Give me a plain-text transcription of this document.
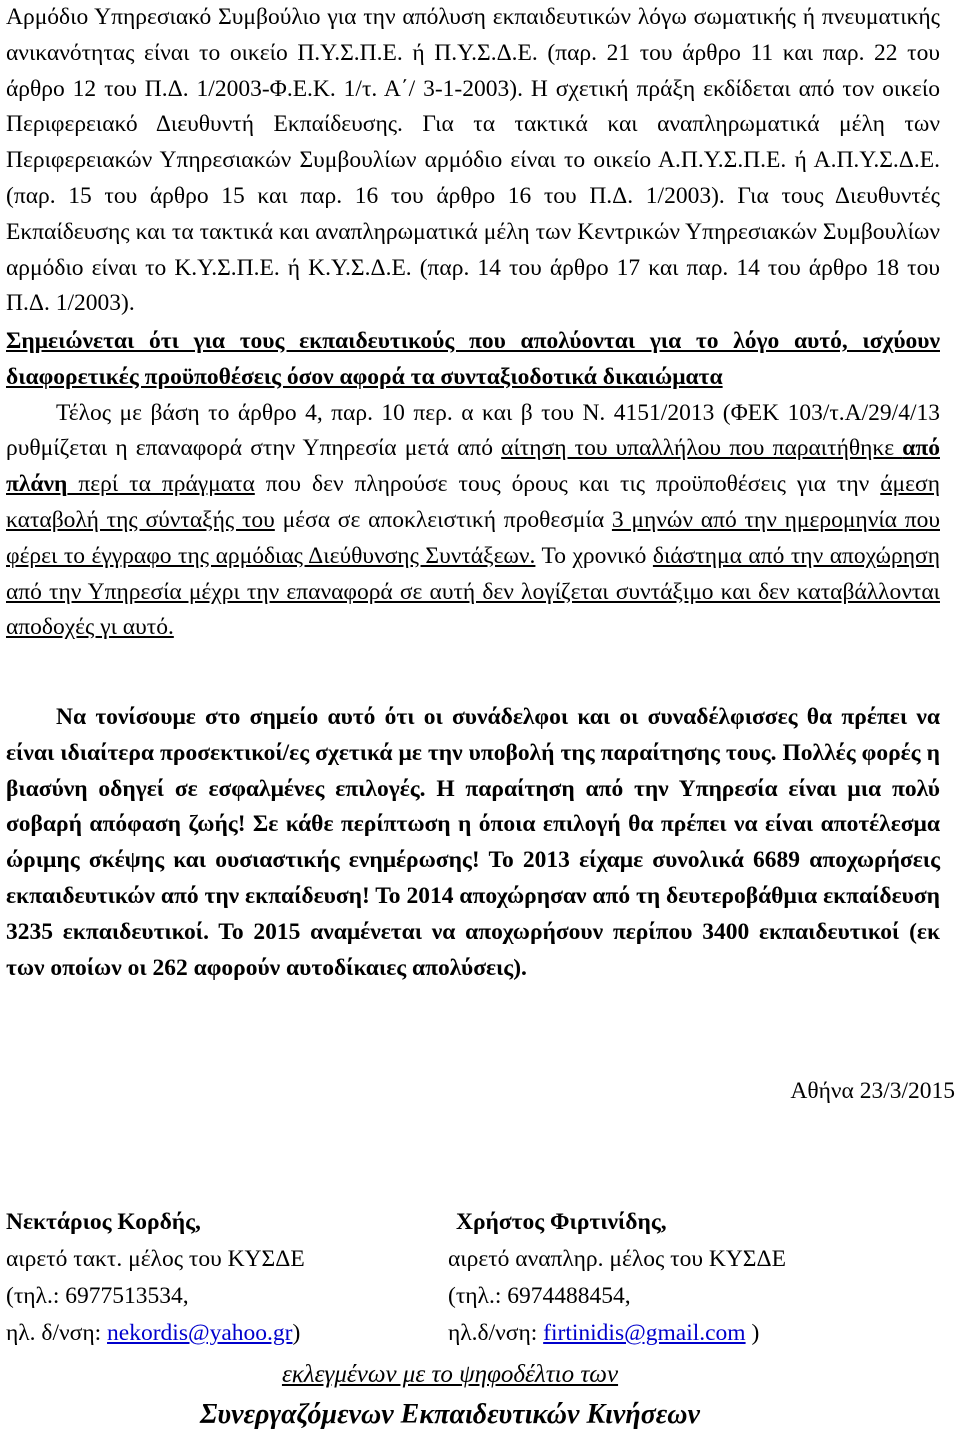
Αρμόδιο Υπηρεσιακό Συμβούλιο για την απόλυση εκπαιδευτικών λόγω σωματικής ή πνευματικής ανικανότητας είναι το οικείο Π.Υ.Σ.Π.Ε. ή Π.Υ.Σ.Δ.Ε. (παρ. 21 του άρθρο 11 και παρ. 22 του άρθρο 12 του Π.Δ. 1/2003-Φ.Ε.Κ. 1/τ. Α΄/ 3-1-2003). Η σχετική πράξη εκδίδεται από τον οικείο Περιφερειακό Διευθυντή Εκπαίδευσης. Για τα τακτικά και αναπληρωματικά μέλη των Περιφερειακών Υπηρεσιακών Συμβουλίων αρμόδιο είναι το οικείο Α.Π.Υ.Σ.Π.Ε. ή Α.Π.Υ.Σ.Δ.Ε. (παρ. 15 του άρθρο 15 και παρ. 16 του άρθρο 16 του Π.Δ. 1/2003). Για τους Διευθυντές Εκπαίδευσης και τα τακτικά και αναπληρωματικά μέλη των Κεντρικών Υπηρεσιακών Συμβουλίων αρμόδιο είναι το Κ.Υ.Σ.Π.Ε. ή Κ.Υ.Σ.Δ.Ε. (παρ. 14 του άρθρο 17 και παρ. 14 του άρθρο 18 του Π.Δ. 1/2003).
Σημειώνεται ότι για τους εκπαιδευτικούς που απολύονται για το λόγο αυτό, ισχύουν διαφορετικές προϋποθέσεις όσον αφορά τα συνταξιοδοτικά δικαιώματα
Τέλος με βάση το άρθρο 4, παρ. 10 περ. α και β του Ν. 4151/2013 (ΦΕΚ 103/τ.Α/29/4/13 ρυθμίζεται η επαναφορά στην Υπηρεσία μετά από αίτηση του υπαλλήλου που παραιτήθηκε από πλάνη περί τα πράγματα που δεν πληρούσε τους όρους και τις προϋποθέσεις για την άμεση καταβολή της σύνταξής του μέσα σε αποκλειστική προθεσμία 3 μηνών από την ημερομηνία που φέρει το έγγραφο της αρμόδιας Διεύθυνσης Συντάξεων. Το χρονικό διάστημα από την αποχώρηση από την Υπηρεσία μέχρι την επαναφορά σε αυτή δεν λογίζεται συντάξιμο και δεν καταβάλλονται αποδοχές γι αυτό.
Να τονίσουμε στο σημείο αυτό ότι οι συνάδελφοι και οι συναδέλφισσες θα πρέπει να είναι ιδιαίτερα προσεκτικοί/ες σχετικά με την υποβολή της παραίτησης τους. Πολλές φορές η βιασύνη οδηγεί σε εσφαλμένες επιλογές. Η παραίτηση από την Υπηρεσία είναι μια πολύ σοβαρή απόφαση ζωής! Σε κάθε περίπτωση η όποια επιλογή θα πρέπει να είναι αποτέλεσμα ώριμης σκέψης και ουσιαστικής ενημέρωσης! Το 2013 είχαμε συνολικά 6689 αποχωρήσεις εκπαιδευτικών από την εκπαίδευση! Το 2014 αποχώρησαν από τη δευτεροβάθμια εκπαίδευση 3235 εκπαιδευτικοί. Το 2015 αναμένεται να αποχωρήσουν περίπου 3400 εκπαιδευτικοί (εκ των οποίων οι 262 αφορούν αυτοδίκαιες απολύσεις).
Αθήνα 23/3/2015
Νεκτάριος Κορδής,
αιρετό τακτ. μέλος του ΚΥΣΔΕ
(τηλ.: 6977513534,
ηλ. δ/νση: nekordis@yahoo.gr)
Χρήστος Φιρτινίδης,
αιρετό αναπληρ. μέλος του ΚΥΣΔΕ
(τηλ.: 6974488454,
ηλ.δ/νση: firtinidis@gmail.com )
εκλεγμένων με το ψηφοδέλτιο των
Συνεργαζόμενων Εκπαιδευτικών Κινήσεων
